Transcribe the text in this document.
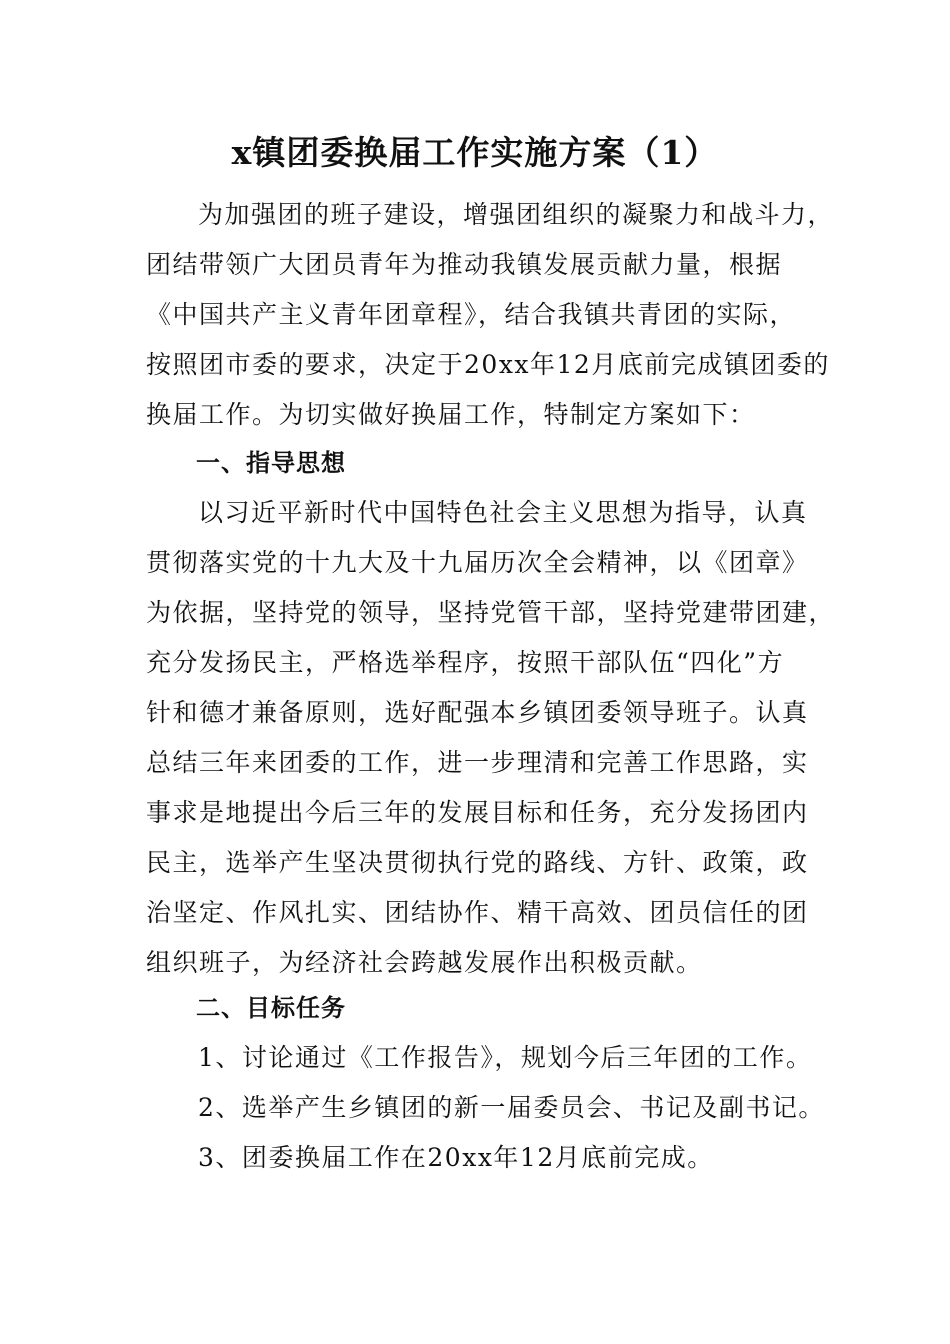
x镇团委换届工作实施方案（1）
为加强团的班子建设，增强团组织的凝聚力和战斗力，
团结带领广大团员青年为推动我镇发展贡献力量，根据
《中国共产主义青年团章程》，结合我镇共青团的实际，
按照团市委的要求，决定于20xx年12月底前完成镇团委的
换届工作。为切实做好换届工作，特制定方案如下：
一、指导思想
以习近平新时代中国特色社会主义思想为指导，认真
贯彻落实党的十九大及十九届历次全会精神，以《团章》
为依据，坚持党的领导，坚持党管干部，坚持党建带团建，
充分发扬民主，严格选举程序，按照干部队伍“四化”方
针和德才兼备原则，选好配强本乡镇团委领导班子。认真
总结三年来团委的工作，进一步理清和完善工作思路，实
事求是地提出今后三年的发展目标和任务，充分发扬团内
民主，选举产生坚决贯彻执行党的路线、方针、政策，政
治坚定、作风扎实、团结协作、精干高效、团员信任的团
组织班子，为经济社会跨越发展作出积极贡献。
二、目标任务
1、讨论通过《工作报告》，规划今后三年团的工作。
2、选举产生乡镇团的新一届委员会、书记及副书记。
3、团委换届工作在20xx年12月底前完成。
